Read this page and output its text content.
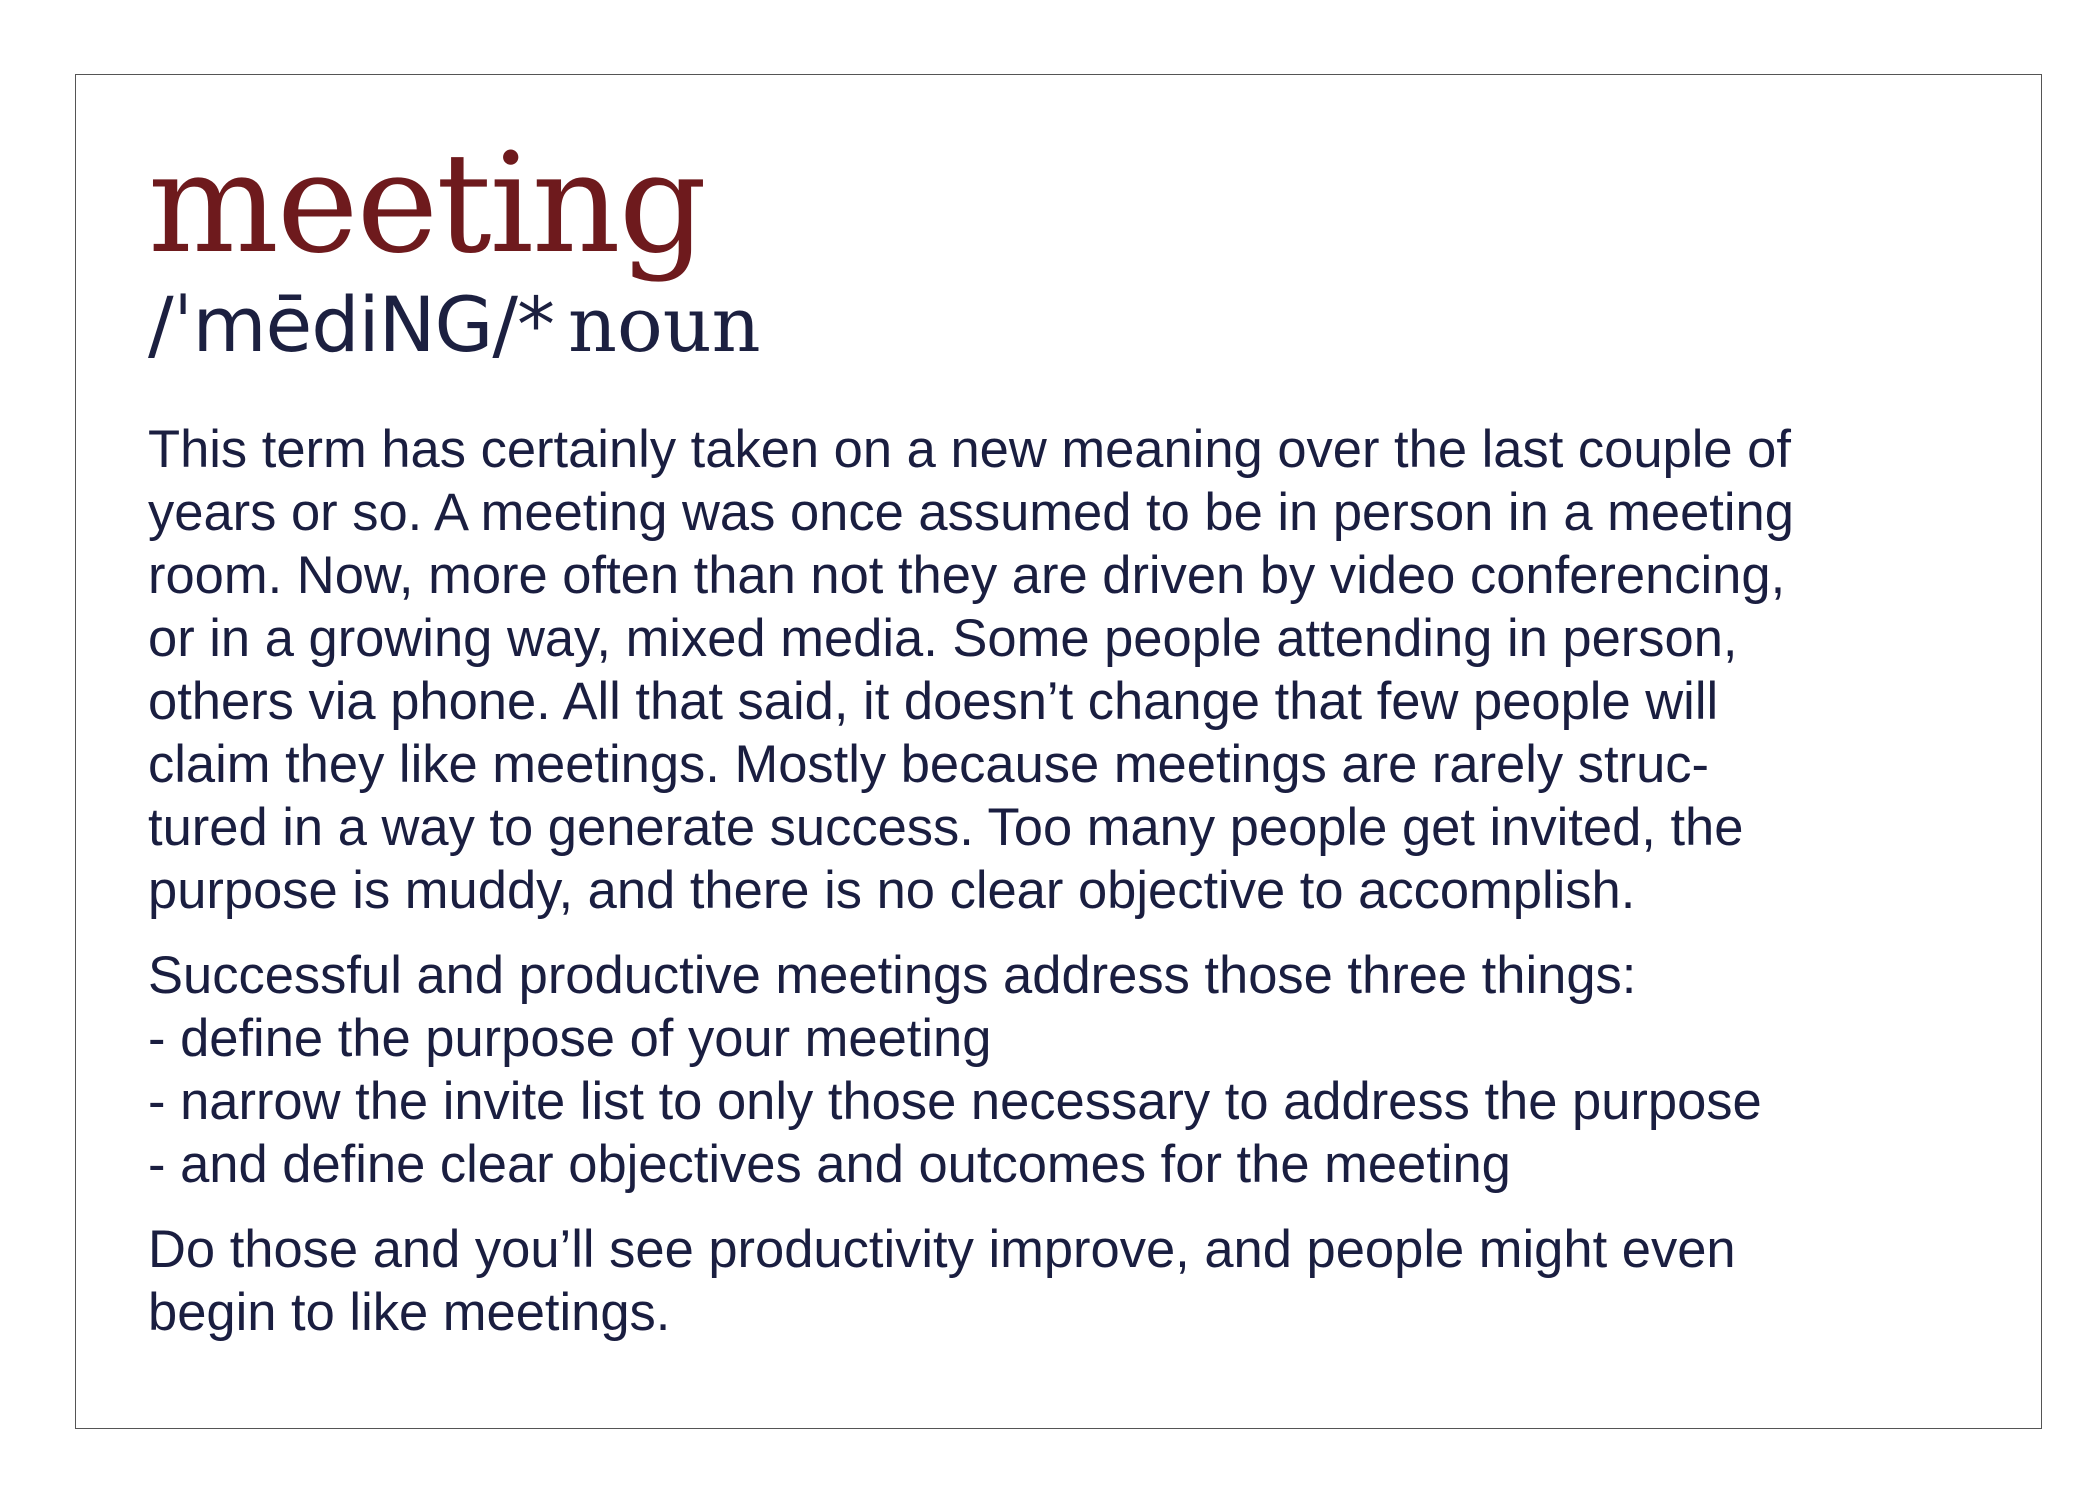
meeting
/ˈmēdiNG/* noun

This term has certainly taken on a new meaning over the last couple of
years or so. A meeting was once assumed to be in person in a meeting
room. Now, more often than not they are driven by video conferencing,
or in a growing way, mixed media. Some people attending in person,
others via phone. All that said, it doesn’t change that few people will
claim they like meetings. Mostly because meetings are rarely struc-
tured in a way to generate success. Too many people get invited, the
purpose is muddy, and there is no clear objective to accomplish.

Successful and productive meetings address those three things:
- define the purpose of your meeting
- narrow the invite list to only those necessary to address the purpose
- and define clear objectives and outcomes for the meeting

Do those and you’ll see productivity improve, and people might even
begin to like meetings.
